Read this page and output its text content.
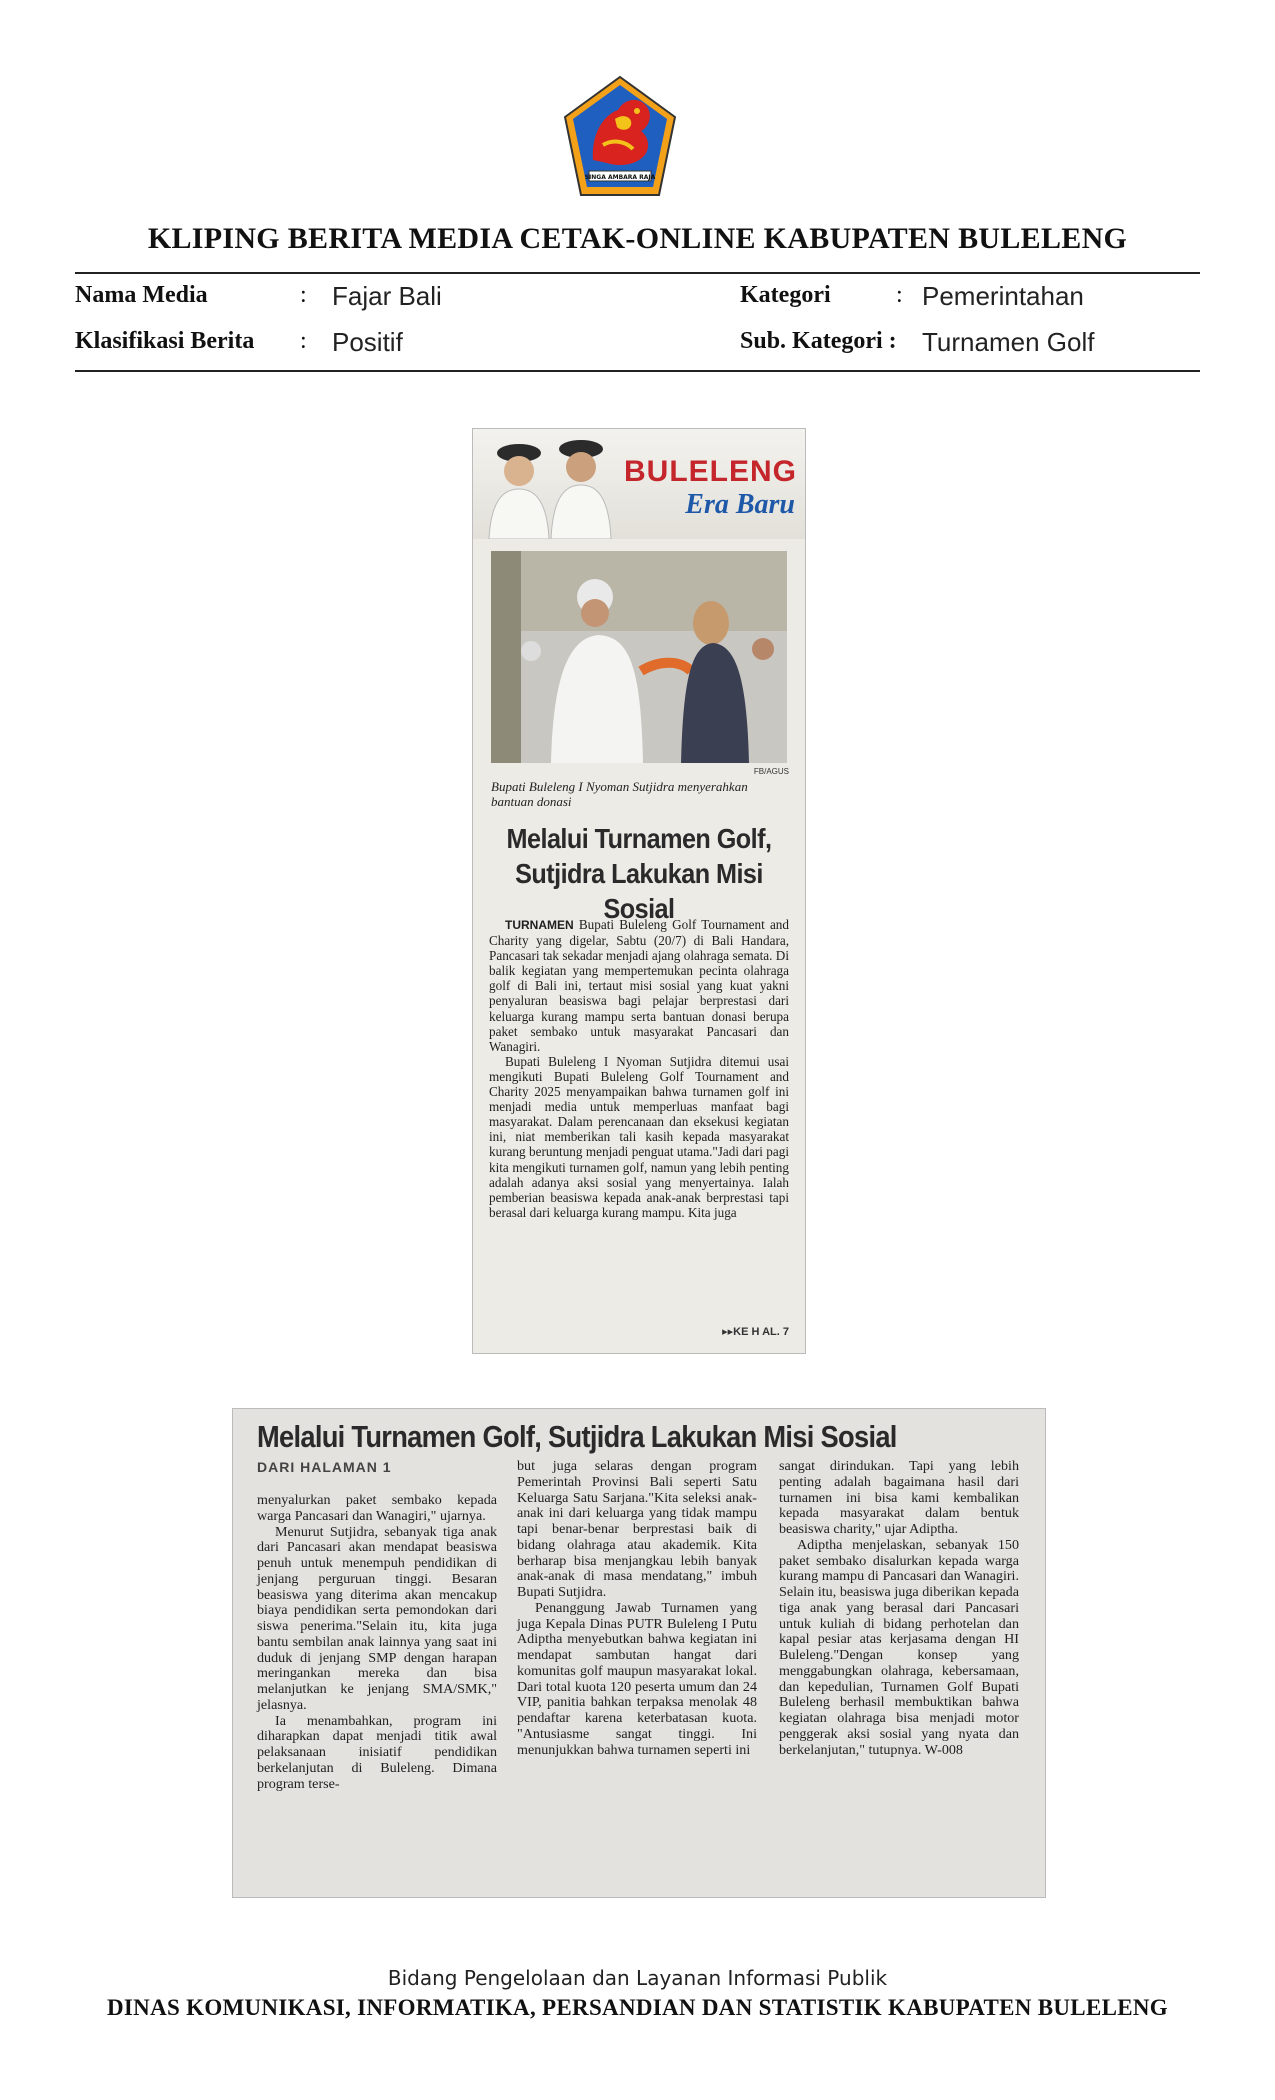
SINGA AMBARA RAJA
KLIPING BERITA MEDIA CETAK-ONLINE KABUPATEN BULELENG
Nama Media	: Fajar Bali
Klasifikasi Berita : Positif
Kategori	: Pemerintahan
Sub. Kategori : Turnamen Golf
BULELENG
Era Baru
FB/AGUS
Bupati Buleleng I Nyoman Sutjidra menyerahkan bantuan donasi
Melalui Turnamen Golf, Sutjidra Lakukan Misi Sosial

TURNAMEN Bupati Buleleng Golf Tournament and Charity yang digelar, Sabtu (20/7) di Bali Handara, Pancasari tak sekadar menjadi ajang olahraga semata. Di balik kegiatan yang mempertemukan pecinta olahraga golf di Bali ini, tertaut misi sosial yang kuat yakni penyaluran beasiswa bagi pelajar berprestasi dari keluarga kurang mampu serta bantuan donasi berupa paket sembako untuk masyarakat Pancasari dan Wanagiri.

Bupati Buleleng I Nyoman Sutjidra ditemui usai mengikuti Bupati Buleleng Golf Tournament and Charity 2025 menyampaikan bahwa turnamen golf ini menjadi media untuk memperluas manfaat bagi masyarakat. Dalam perencanaan dan eksekusi kegiatan ini, niat memberikan tali kasih kepada masyarakat kurang beruntung menjadi penguat utama."Jadi dari pagi kita mengikuti turnamen golf, namun yang lebih penting adalah adanya aksi sosial yang menyertainya. Ialah pemberian beasiswa kepada anak-anak berprestasi tapi berasal dari keluarga kurang mampu. Kita juga

▸▸KE H AL. 7
Melalui Turnamen Golf, Sutjidra Lakukan Misi Sosial
DARI HALAMAN 1

menyalurkan paket sembako kepada warga Pancasari dan Wanagiri," ujarnya.

Menurut Sutjidra, sebanyak tiga anak dari Pancasari akan mendapat beasiswa penuh untuk menempuh pendidikan di jenjang perguruan tinggi. Besaran beasiswa yang diterima akan mencakup biaya pendidikan serta pemondokan dari siswa penerima."Selain itu, kita juga bantu sembilan anak lainnya yang saat ini duduk di jenjang SMP dengan harapan meringankan mereka dan bisa melanjutkan ke jenjang SMA/SMK," jelasnya.

Ia menambahkan, program ini diharapkan dapat menjadi titik awal pelaksanaan inisiatif pendidikan berkelanjutan di Buleleng. Dimana program terse-

but juga selaras dengan program Pemerintah Provinsi Bali seperti Satu Keluarga Satu Sarjana."Kita seleksi anak-anak ini dari keluarga yang tidak mampu tapi benar-benar berprestasi baik di bidang olahraga atau akademik. Kita berharap bisa menjangkau lebih banyak anak-anak di masa mendatang," imbuh Bupati Sutjidra.

Penanggung Jawab Turnamen yang juga Kepala Dinas PUTR Buleleng I Putu Adiptha menyebutkan bahwa kegiatan ini mendapat sambutan hangat dari komunitas golf maupun masyarakat lokal. Dari total kuota 120 peserta umum dan 24 VIP, panitia bahkan terpaksa menolak 48 pendaftar karena keterbatasan kuota. "Antusiasme sangat tinggi. Ini menunjukkan bahwa turnamen seperti ini

sangat dirindukan. Tapi yang lebih penting adalah bagaimana hasil dari turnamen ini bisa kami kembalikan kepada masyarakat dalam bentuk beasiswa charity," ujar Adiptha.

Adiptha menjelaskan, sebanyak 150 paket sembako disalurkan kepada warga kurang mampu di Pancasari dan Wanagiri. Selain itu, beasiswa juga diberikan kepada tiga anak yang berasal dari Pancasari untuk kuliah di bidang perhotelan dan kapal pesiar atas kerjasama dengan HI Buleleng."Dengan konsep yang menggabungkan olahraga, kebersamaan, dan kepedulian, Turnamen Golf Bupati Buleleng berhasil membuktikan bahwa kegiatan olahraga bisa menjadi motor penggerak aksi sosial yang nyata dan berkelanjutan," tutupnya. W-008

Bidang Pengelolaan dan Layanan Informasi Publik
DINAS KOMUNIKASI, INFORMATIKA, PERSANDIAN DAN STATISTIK KABUPATEN BULELENG
